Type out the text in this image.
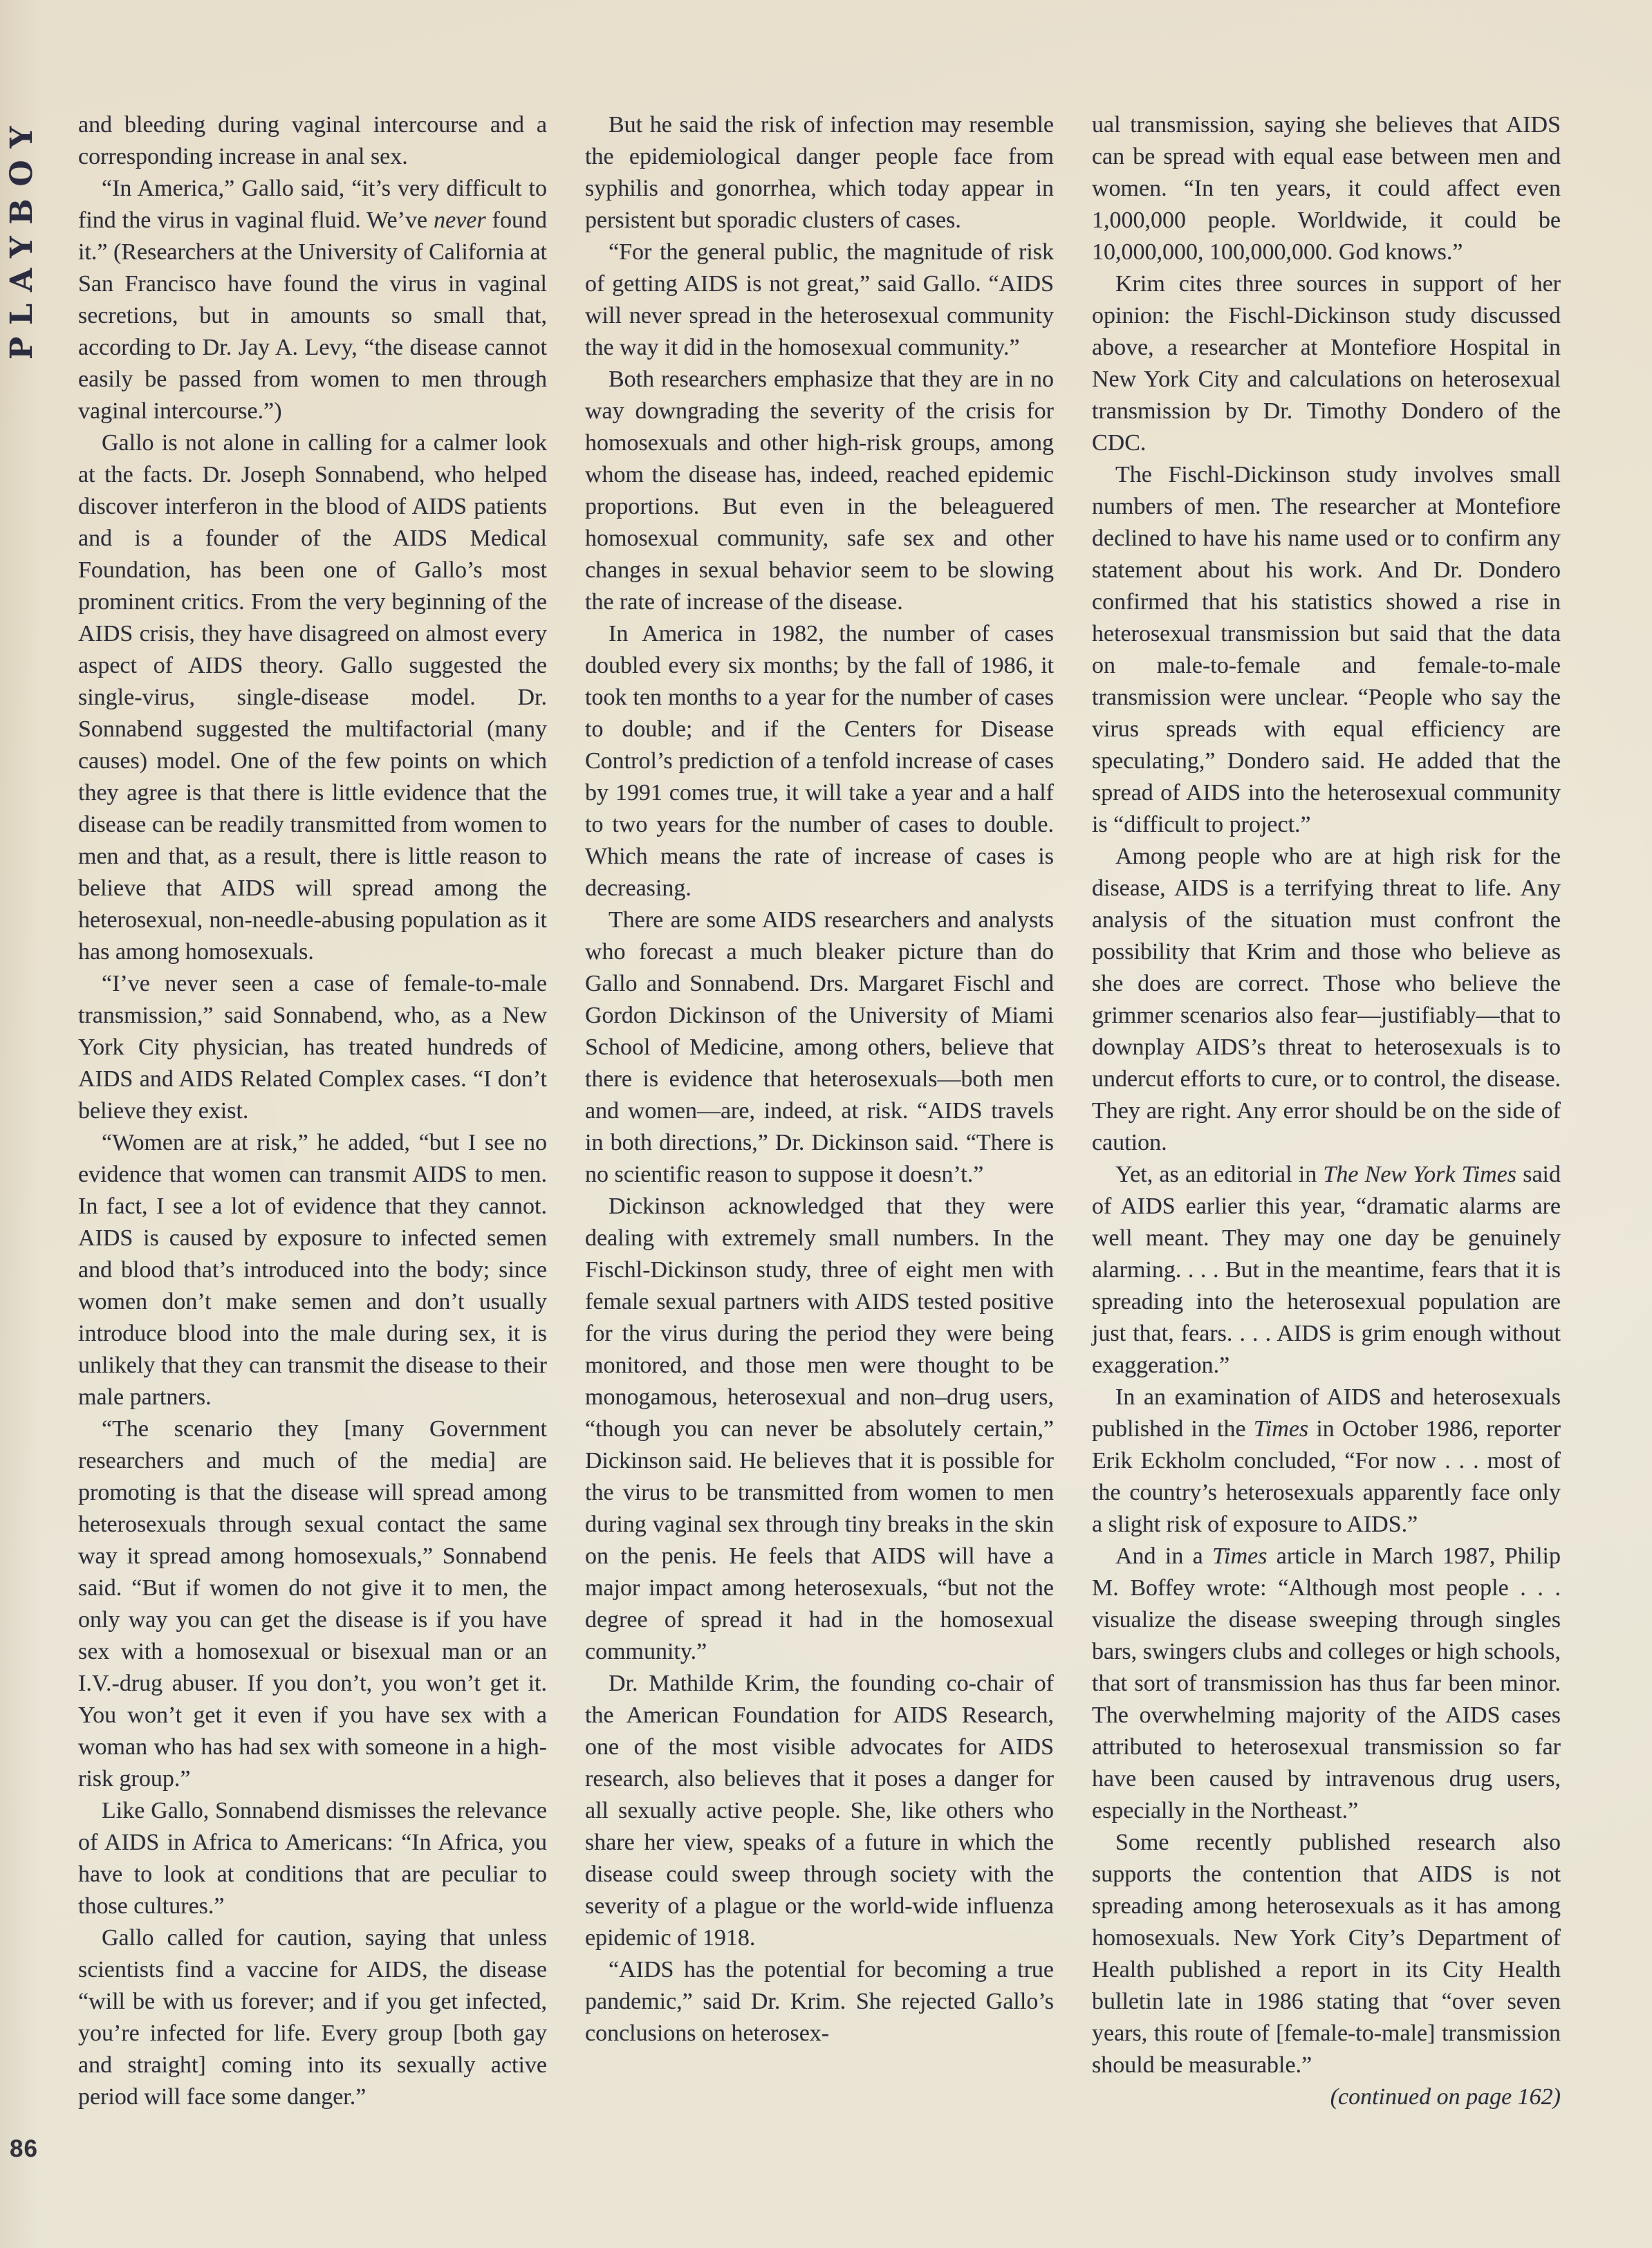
PLAYBOY and bleeding during vaginal intercourse and a corresponding increase in anal sex.

“In America,” Gallo said, “it’s very difficult to find the virus in vaginal fluid. We’ve never found it.” (Researchers at the University of California at San Francisco have found the virus in vaginal secretions, but in amounts so small that, according to Dr. Jay A. Levy, “the disease cannot easily be passed from women to men through vaginal intercourse.”)

Gallo is not alone in calling for a calmer look at the facts. Dr. Joseph Sonnabend, who helped discover interferon in the blood of AIDS patients and is a founder of the AIDS Medical Foundation, has been one of Gallo’s most prominent critics. From the very beginning of the AIDS crisis, they have disagreed on almost every aspect of AIDS theory. Gallo suggested the single-virus, single-disease model. Dr. Sonnabend suggested the multifactorial (many causes) model. One of the few points on which they agree is that there is little evidence that the disease can be readily transmitted from women to men and that, as a result, there is little reason to believe that AIDS will spread among the heterosexual, non-needle-abusing population as it has among homosexuals.

“I’ve never seen a case of female-to-male transmission,” said Sonnabend, who, as a New York City physician, has treated hundreds of AIDS and AIDS Related Complex cases. “I don’t believe they exist.

“Women are at risk,” he added, “but I see no evidence that women can transmit AIDS to men. In fact, I see a lot of evidence that they cannot. AIDS is caused by exposure to infected semen and blood that’s introduced into the body; since women don’t make semen and don’t usually introduce blood into the male during sex, it is unlikely that they can transmit the disease to their male partners.

“The scenario they [many Government researchers and much of the media] are promoting is that the disease will spread among heterosexuals through sexual contact the same way it spread among homosexuals,” Sonnabend said. “But if women do not give it to men, the only way you can get the disease is if you have sex with a homosexual or bisexual man or an I.V.-drug abuser. If you don’t, you won’t get it. You won’t get it even if you have sex with a woman who has had sex with someone in a high-risk group.”

Like Gallo, Sonnabend dismisses the relevance of AIDS in Africa to Americans: “In Africa, you have to look at conditions that are peculiar to those cultures.”

Gallo called for caution, saying that unless scientists find a vaccine for AIDS, the disease “will be with us forever; and if you get infected, you’re infected for life. Every group [both gay and straight] coming into its sexually active period will face some danger.”

But he said the risk of infection may resemble the epidemiological danger people face from syphilis and gonorrhea, which today appear in persistent but sporadic clusters of cases.

“For the general public, the magnitude of risk of getting AIDS is not great,” said Gallo. “AIDS will never spread in the heterosexual community the way it did in the homosexual community.”

Both researchers emphasize that they are in no way downgrading the severity of the crisis for homosexuals and other high-risk groups, among whom the disease has, indeed, reached epidemic proportions. But even in the beleaguered homosexual community, safe sex and other changes in sexual behavior seem to be slowing the rate of increase of the disease.

In America in 1982, the number of cases doubled every six months; by the fall of 1986, it took ten months to a year for the number of cases to double; and if the Centers for Disease Control’s prediction of a tenfold increase of cases by 1991 comes true, it will take a year and a half to two years for the number of cases to double. Which means the rate of increase of cases is decreasing.

There are some AIDS researchers and analysts who forecast a much bleaker picture than do Gallo and Sonnabend. Drs. Margaret Fischl and Gordon Dickinson of the University of Miami School of Medicine, among others, believe that there is evidence that heterosexuals—both men and women—are, indeed, at risk. “AIDS travels in both directions,” Dr. Dickinson said. “There is no scientific reason to suppose it doesn’t.”

Dickinson acknowledged that they were dealing with extremely small numbers. In the Fischl-Dickinson study, three of eight men with female sexual partners with AIDS tested positive for the virus during the period they were being monitored, and those men were thought to be monogamous, heterosexual and non–drug users, “though you can never be absolutely certain,” Dickinson said. He believes that it is possible for the virus to be transmitted from women to men during vaginal sex through tiny breaks in the skin on the penis. He feels that AIDS will have a major impact among heterosexuals, “but not the degree of spread it had in the homosexual community.”

Dr. Mathilde Krim, the founding co-chair of the American Foundation for AIDS Research, one of the most visible advocates for AIDS research, also believes that it poses a danger for all sexually active people. She, like others who share her view, speaks of a future in which the disease could sweep through society with the severity of a plague or the world-wide influenza epidemic of 1918.

“AIDS has the potential for becoming a true pandemic,” said Dr. Krim. She rejected Gallo’s conclusions on heterosex-

ual transmission, saying she believes that AIDS can be spread with equal ease between men and women. “In ten years, it could affect even 1,000,000 people. Worldwide, it could be 10,000,000, 100,000,000. God knows.”

Krim cites three sources in support of her opinion: the Fischl-Dickinson study discussed above, a researcher at Montefiore Hospital in New York City and calculations on heterosexual transmission by Dr. Timothy Dondero of the CDC.

The Fischl-Dickinson study involves small numbers of men. The researcher at Montefiore declined to have his name used or to confirm any statement about his work. And Dr. Dondero confirmed that his statistics showed a rise in heterosexual transmission but said that the data on male-to-female and female-to-male transmission were unclear. “People who say the virus spreads with equal efficiency are speculating,” Dondero said. He added that the spread of AIDS into the heterosexual community is “difficult to project.”

Among people who are at high risk for the disease, AIDS is a terrifying threat to life. Any analysis of the situation must confront the possibility that Krim and those who believe as she does are correct. Those who believe the grimmer scenarios also fear—justifiably—that to downplay AIDS’s threat to heterosexuals is to undercut efforts to cure, or to control, the disease. They are right. Any error should be on the side of caution.

Yet, as an editorial in The New York Times said of AIDS earlier this year, “dramatic alarms are well meant. They may one day be genuinely alarming. . . . But in the meantime, fears that it is spreading into the heterosexual population are just that, fears. . . . AIDS is grim enough without exaggeration.”

In an examination of AIDS and heterosexuals published in the Times in October 1986, reporter Erik Eckholm concluded, “For now . . . most of the country’s heterosexuals apparently face only a slight risk of exposure to AIDS.”

And in a Times article in March 1987, Philip M. Boffey wrote: “Although most people . . . visualize the disease sweeping through singles bars, swingers clubs and colleges or high schools, that sort of transmission has thus far been minor. The overwhelming majority of the AIDS cases attributed to heterosexual transmission so far have been caused by intravenous drug users, especially in the Northeast.”

Some recently published research also supports the contention that AIDS is not spreading among heterosexuals as it has among homosexuals. New York City’s Department of Health published a report in its City Health bulletin late in 1986 stating that “over seven years, this route of [female-to-male] transmission should be measurable.”

(continued on page 162)

86
